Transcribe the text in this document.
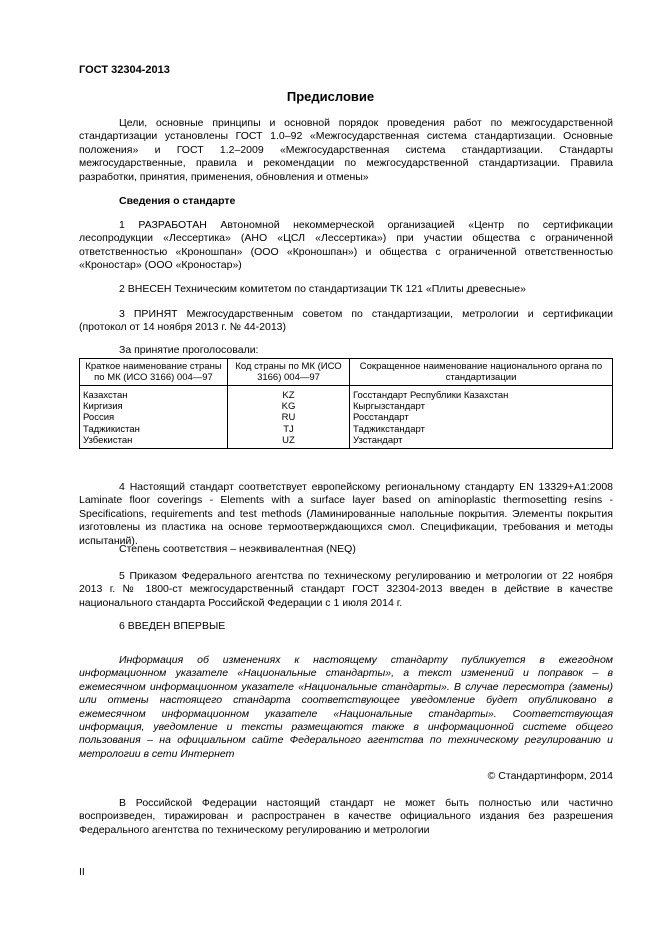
ГОСТ 32304-2013
Предисловие

Цели, основные принципы и основной порядок проведения работ по межгосударственной стандартизации установлены ГОСТ 1.0–92 «Межгосударственная система стандартизации. Основные положения» и ГОСТ 1.2–2009 «Межгосударственная система стандартизации. Стандарты межгосударственные, правила и рекомендации по межгосударственной стандартизации. Правила разработки, принятия, применения, обновления и отмены»

Сведения о стандарте

1 РАЗРАБОТАН Автономной некоммерческой организацией «Центр по сертификации лесопродукции «Лессертика» (АНО «ЦСЛ «Лессертика») при участии общества с ограниченной ответственностью «Кроношпан» (ООО «Кроношпан») и общества с ограниченной ответственностью «Кроностар» (ООО «Кроностар»)

2 ВНЕСЕН Техническим комитетом по стандартизации ТК 121 «Плиты древесные»

3 ПРИНЯТ Межгосударственным советом по стандартизации, метрологии и сертификации (протокол от 14 ноября 2013 г. № 44-2013)

За принятие проголосовали:
Краткое наименование страны по МК (ИСО 3166) 004—97	Код страны по МК (ИСО 3166) 004—97	Сокращенное наименование национального органа по стандартизации
Казахстан	KZ	Госстандарт Республики Казахстан
Киргизия	KG	Кыргызстандарт
Россия	RU	Росстандарт
Таджикистан	TJ	Таджикстандарт
Узбекистан	UZ	Узстандарт

4 Настоящий стандарт соответствует европейскому региональному стандарту EN 13329+A1:2008 Laminate floor coverings - Elements with a surface layer based on aminoplastic thermosetting resins - Specifications, requirements and test methods (Ламинированные напольные покрытия. Элементы покрытия изготовлены из пластика на основе термоотверждающихся смол. Спецификации, требования и методы испытаний).

Степень соответствия – неэквивалентная (NEQ)

5 Приказом Федерального агентства по техническому регулированию и метрологии от 22 ноября 2013 г. № 1800-ст межгосударственный стандарт ГОСТ 32304-2013 введен в действие в качестве национального стандарта Российской Федерации с 1 июля 2014 г.

6 ВВЕДЕН ВПЕРВЫЕ

Информация об изменениях к настоящему стандарту публикуется в ежегодном информационном указателе «Национальные стандарты», а текст изменений и поправок – в ежемесячном информационном указателе «Национальные стандарты». В случае пересмотра (замены) или отмены настоящего стандарта соответствующее уведомление будет опубликовано в ежемесячном информационном указателе «Национальные стандарты». Соответствующая информация, уведомление и тексты размещаются также в информационной системе общего пользования – на официальном сайте Федерального агентства по техническому регулированию и метрологии в сети Интернет

© Стандартинформ, 2014

В Российской Федерации настоящий стандарт не может быть полностью или частично воспроизведен, тиражирован и распространен в качестве официального издания без разрешения Федерального агентства по техническому регулированию и метрологии

II
